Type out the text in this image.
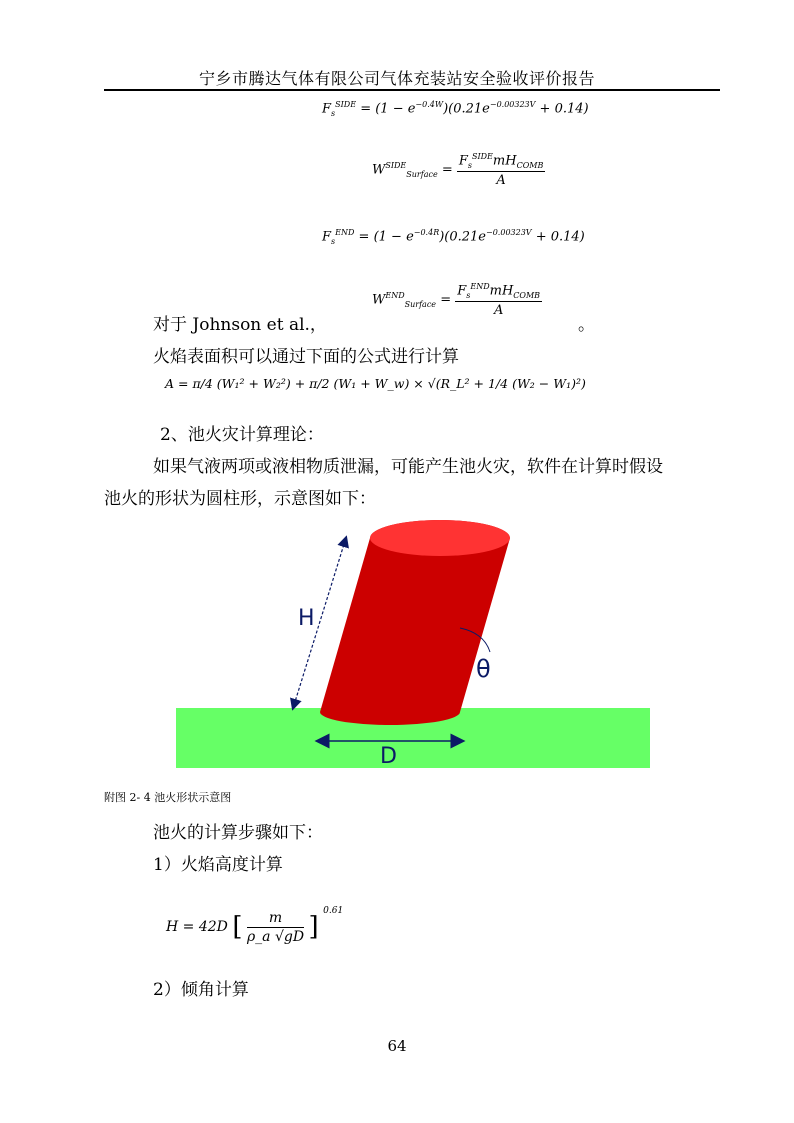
宁乡市腾达气体有限公司气体充装站安全验收评价报告
$F_s^{SIDE} = (1 - e^{-0.4W})(0.21e^{-0.00323V} + 0.14)$
$W^{SIDE}_{Surface} = \frac{F_s^{SIDE}mH_{COMB}}{A}$
$F_s^{END} = (1 - e^{-0.4R})(0.21e^{-0.00323V} + 0.14)$
对于 Johnson et al.，
$W^{END}_{Surface} = \frac{F_s^{END}mH_{COMB}}{A}$
。
火焰表面积可以通过下面的公式进行计算
A = π/4 (W₁² + W₂²) + π/2 (W₁ + W_w) × √(R_L² + 1/4 (W₂ − W₁)²)
2、池火灾计算理论：
如果气液两项或液相物质泄漏，可能产生池火灾，软件在计算时假设
池火的形状为圆柱形，示意图如下：
H
θ
D
附图 2- 4 池火形状示意图
池火的计算步骤如下：
1）火焰高度计算
H = 42D [ $\frac{m}{\rho\_a √gD}$ ] $^{0.61}$
2）倾角计算
64
